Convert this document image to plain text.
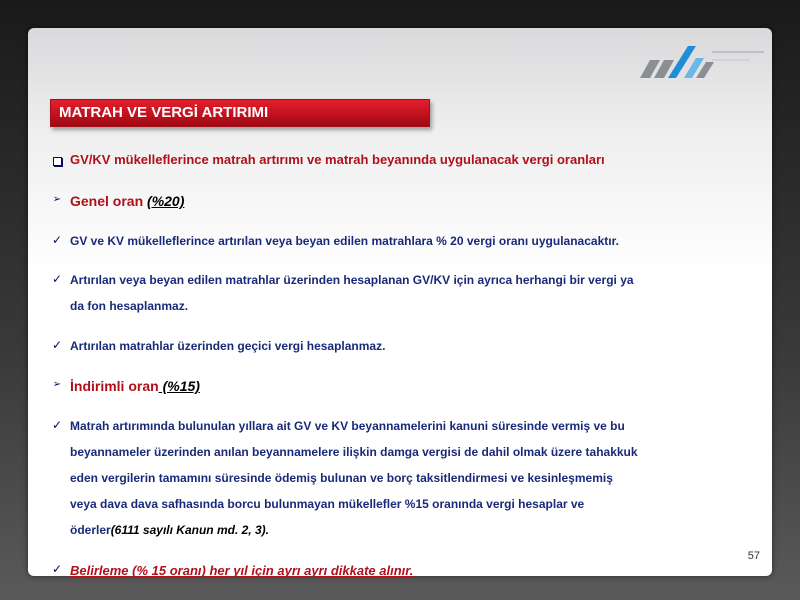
MATRAH VE VERGİ ARTIRIMI
GV/KV mükelleflerince matrah artırımı ve matrah beyanında uygulanacak vergi oranları
➢ Genel oran (%20)
✓ GV ve KV mükelleflerince artırılan veya beyan edilen matrahlara % 20 vergi oranı uygulanacaktır.
✓ Artırılan veya beyan edilen matrahlar üzerinden hesaplanan GV/KV için ayrıca herhangi bir vergi ya
da fon hesaplanmaz.
✓ Artırılan matrahlar üzerinden geçici vergi hesaplanmaz.
➢ İndirimli oran (%15)
✓ Matrah artırımında bulunulan yıllara ait GV ve KV beyannamelerini kanuni süresinde vermiş ve bu
beyannameler üzerinden anılan beyannamelere ilişkin damga vergisi de dahil olmak üzere tahakkuk
eden vergilerin tamamını süresinde ödemiş bulunan ve borç taksitlendirmesi ve kesinleşmemiş
veya dava dava safhasında borcu bulunmayan mükellefler %15 oranında vergi hesaplar ve
öderler(6111 sayılı Kanun md. 2, 3).
✓ Belirleme (% 15 oranı) her yıl için ayrı ayrı dikkate alınır.
57
